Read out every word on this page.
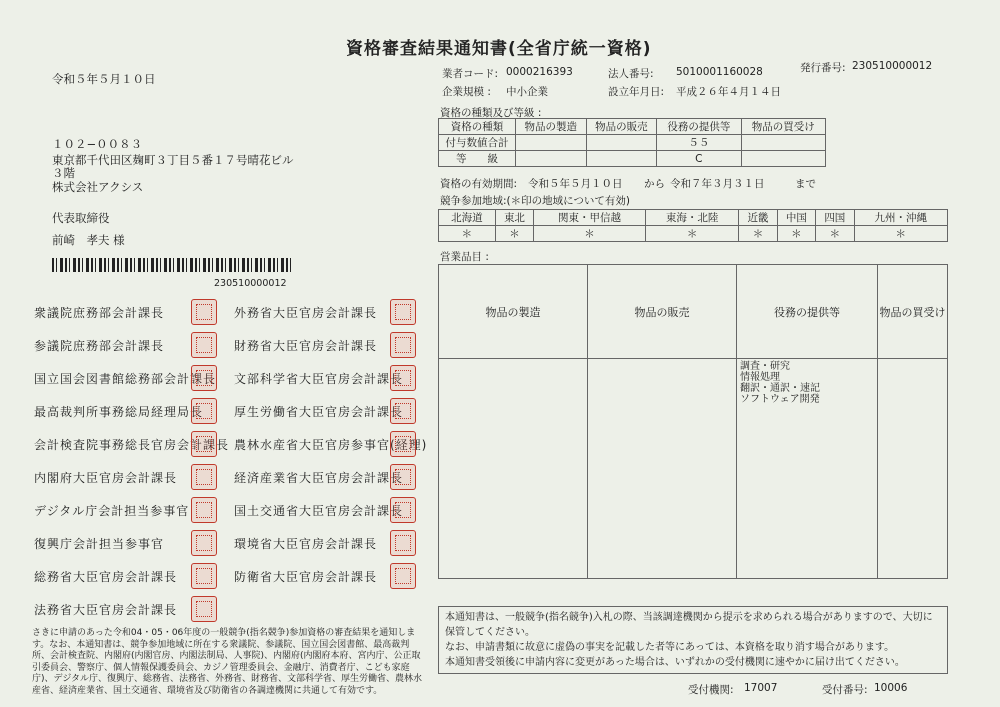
資格審査結果通知書(全省庁統一資格)
令和５年５月１０日
発行番号: 230510000012
業者コード: 0000216393	法人番号: 5010001160028
企業規模 : 中小企業	設立年月日: 平成２６年４月１４日
１０２−００８３
東京都千代田区麹町３丁目５番１７号晴花ビル
３階
株式会社アクシス
代表取締役
前崎　孝夫 様
230510000012
資格の種類及び等級 :
資格の種類	物品の製造	物品の販売	役務の提供等	物品の買受け
付与数値合計			５５	
等　　級			C	
資格の有効期間: 令和５年５月１０日 から 令和７年３月３１日	まで
競争参加地域:(＊印の地域について有効)
北海道	東北	関東・甲信越	東海・北陸	近畿	中国	四国	九州・沖縄
＊	＊	＊	＊	＊	＊	＊	＊
営業品目 :
物品の製造	物品の販売	役務の提供等	物品の買受け

		調査・研究
情報処理
翻訳・通訳・速記
ソフトウェア開発	

衆議院庶務部会計課長
参議院庶務部会計課長
国立国会図書館総務部会計課長
最高裁判所事務総局経理局長
会計検査院事務総長官房会計課長
内閣府大臣官房会計課長
デジタル庁会計担当参事官
復興庁会計担当参事官
総務省大臣官房会計課長
法務省大臣官房会計課長
外務省大臣官房会計課長
財務省大臣官房会計課長
文部科学省大臣官房会計課長
厚生労働省大臣官房会計課長
農林水産省大臣官房参事官(経理)
経済産業省大臣官房会計課長
国土交通省大臣官房会計課長
環境省大臣官房会計課長
防衛省大臣官房会計課長
さきに申請のあった令和04・05・06年度の一般競争(指名競争)参加資格の審査結果を通知します。なお、本通知書は、競争参加地域に所在する衆議院、参議院、国立国会図書館、最高裁判所、会計検査院、内閣府(内閣官房、内閣法制局、人事院)、内閣府(内閣府本府、宮内庁、公正取引委員会、警察庁、個人情報保護委員会、カジノ管理委員会、金融庁、消費者庁、こども家庭庁)、デジタル庁、復興庁、総務省、法務省、外務省、財務省、文部科学省、厚生労働省、農林水産省、経済産業省、国土交通省、環境省及び防衛省の各調達機関に共通して有効です。
本通知書は、一般競争(指名競争)入札の際、当該調達機関から提示を求められる場合がありますので、大切に保管してください。
なお、申請書類に故意に虚偽の事実を記載した者等にあっては、本資格を取り消す場合があります。
本通知書受領後に申請内容に変更があった場合は、いずれかの受付機関に速やかに届け出てください。
受付機関: 17007	受付番号: 10006
